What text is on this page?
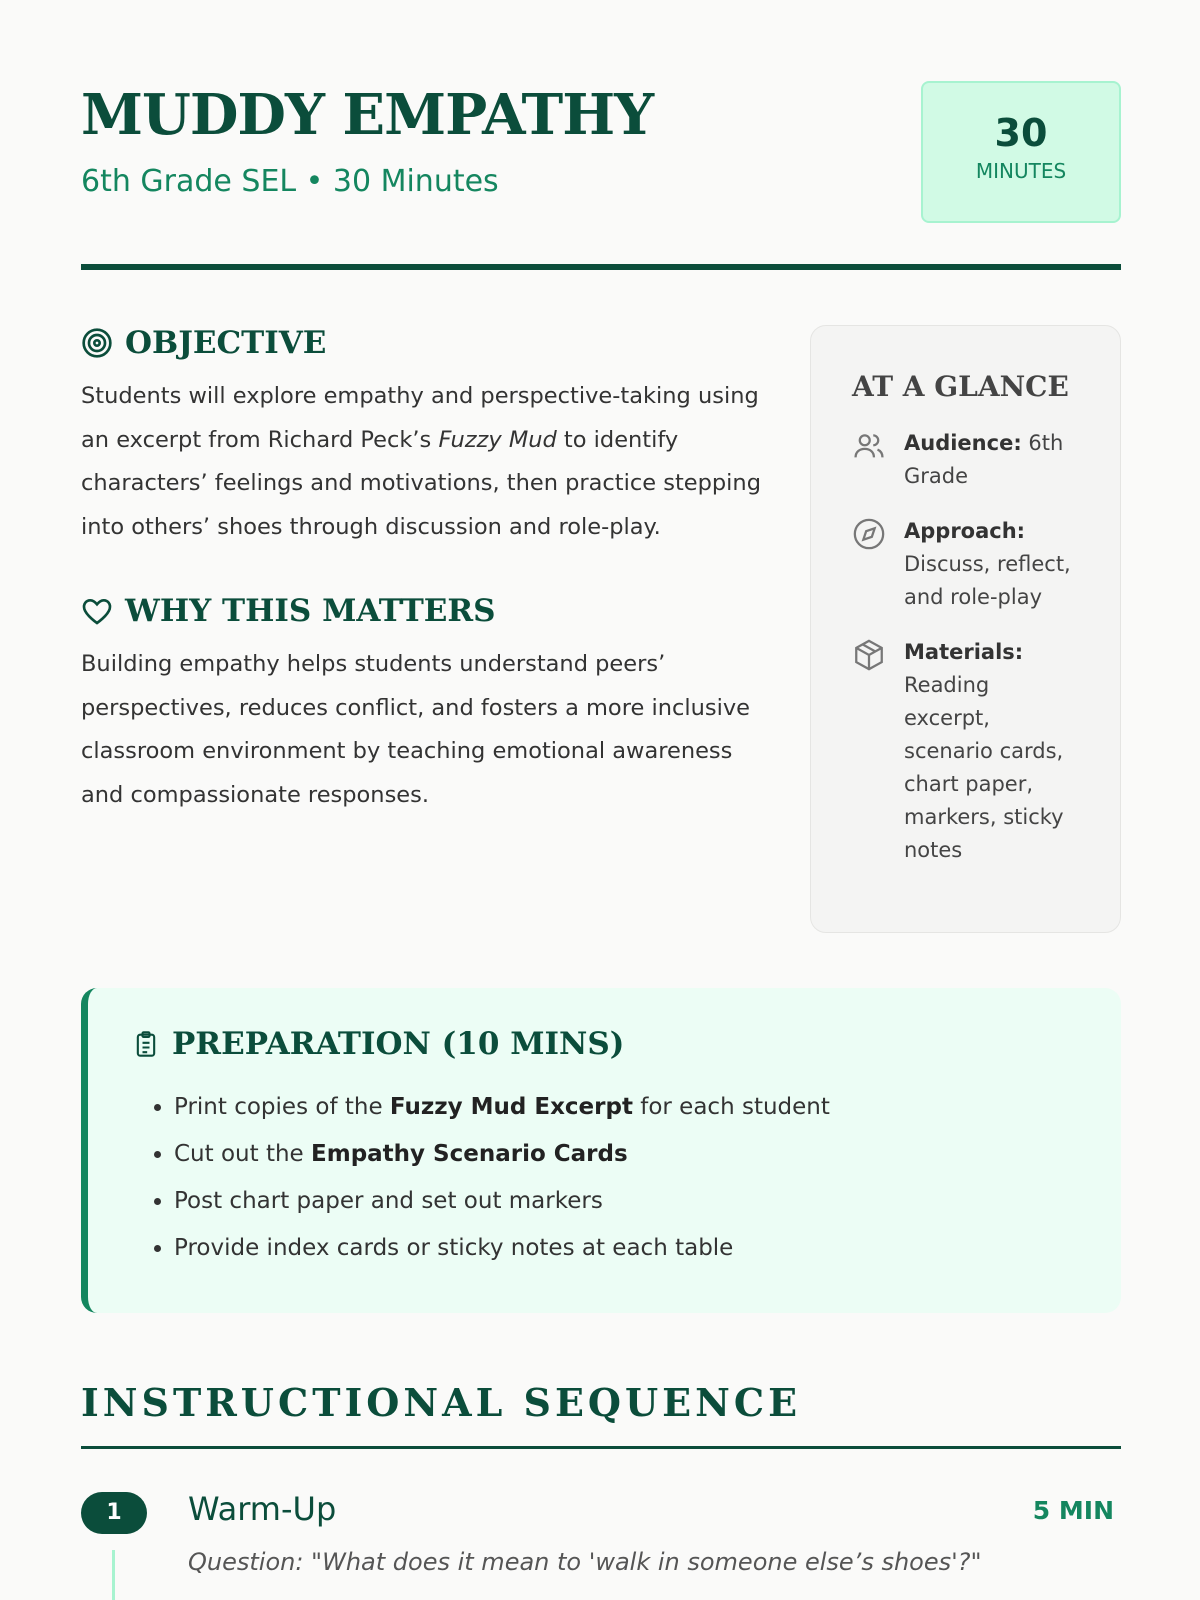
MUDDY EMPATHY
6th Grade SEL • 30 Minutes
30
MINUTES
OBJECTIVE

Students will explore empathy and perspective-taking using an excerpt from Richard Peck’s Fuzzy Mud to identify characters’ feelings and motivations, then practice stepping into others’ shoes through discussion and role-play.

WHY THIS MATTERS

Building empathy helps students understand peers’ perspectives, reduces conflict, and fosters a more inclusive classroom environment by teaching emotional awareness and compassionate responses.

AT A GLANCE
Audience: 6th Grade
Approach:
Discuss, reflect, and role-play
Materials:
Reading excerpt, scenario cards, chart paper, markers, sticky notes
PREPARATION (10 MINS)
• Print copies of the Fuzzy Mud Excerpt for each student
• Cut out the Empathy Scenario Cards
• Post chart paper and set out markers
• Provide index cards or sticky notes at each table
INSTRUCTIONAL SEQUENCE
1	Warm-Up	5 MIN
Question: "What does it mean to 'walk in someone else’s shoes'?"
